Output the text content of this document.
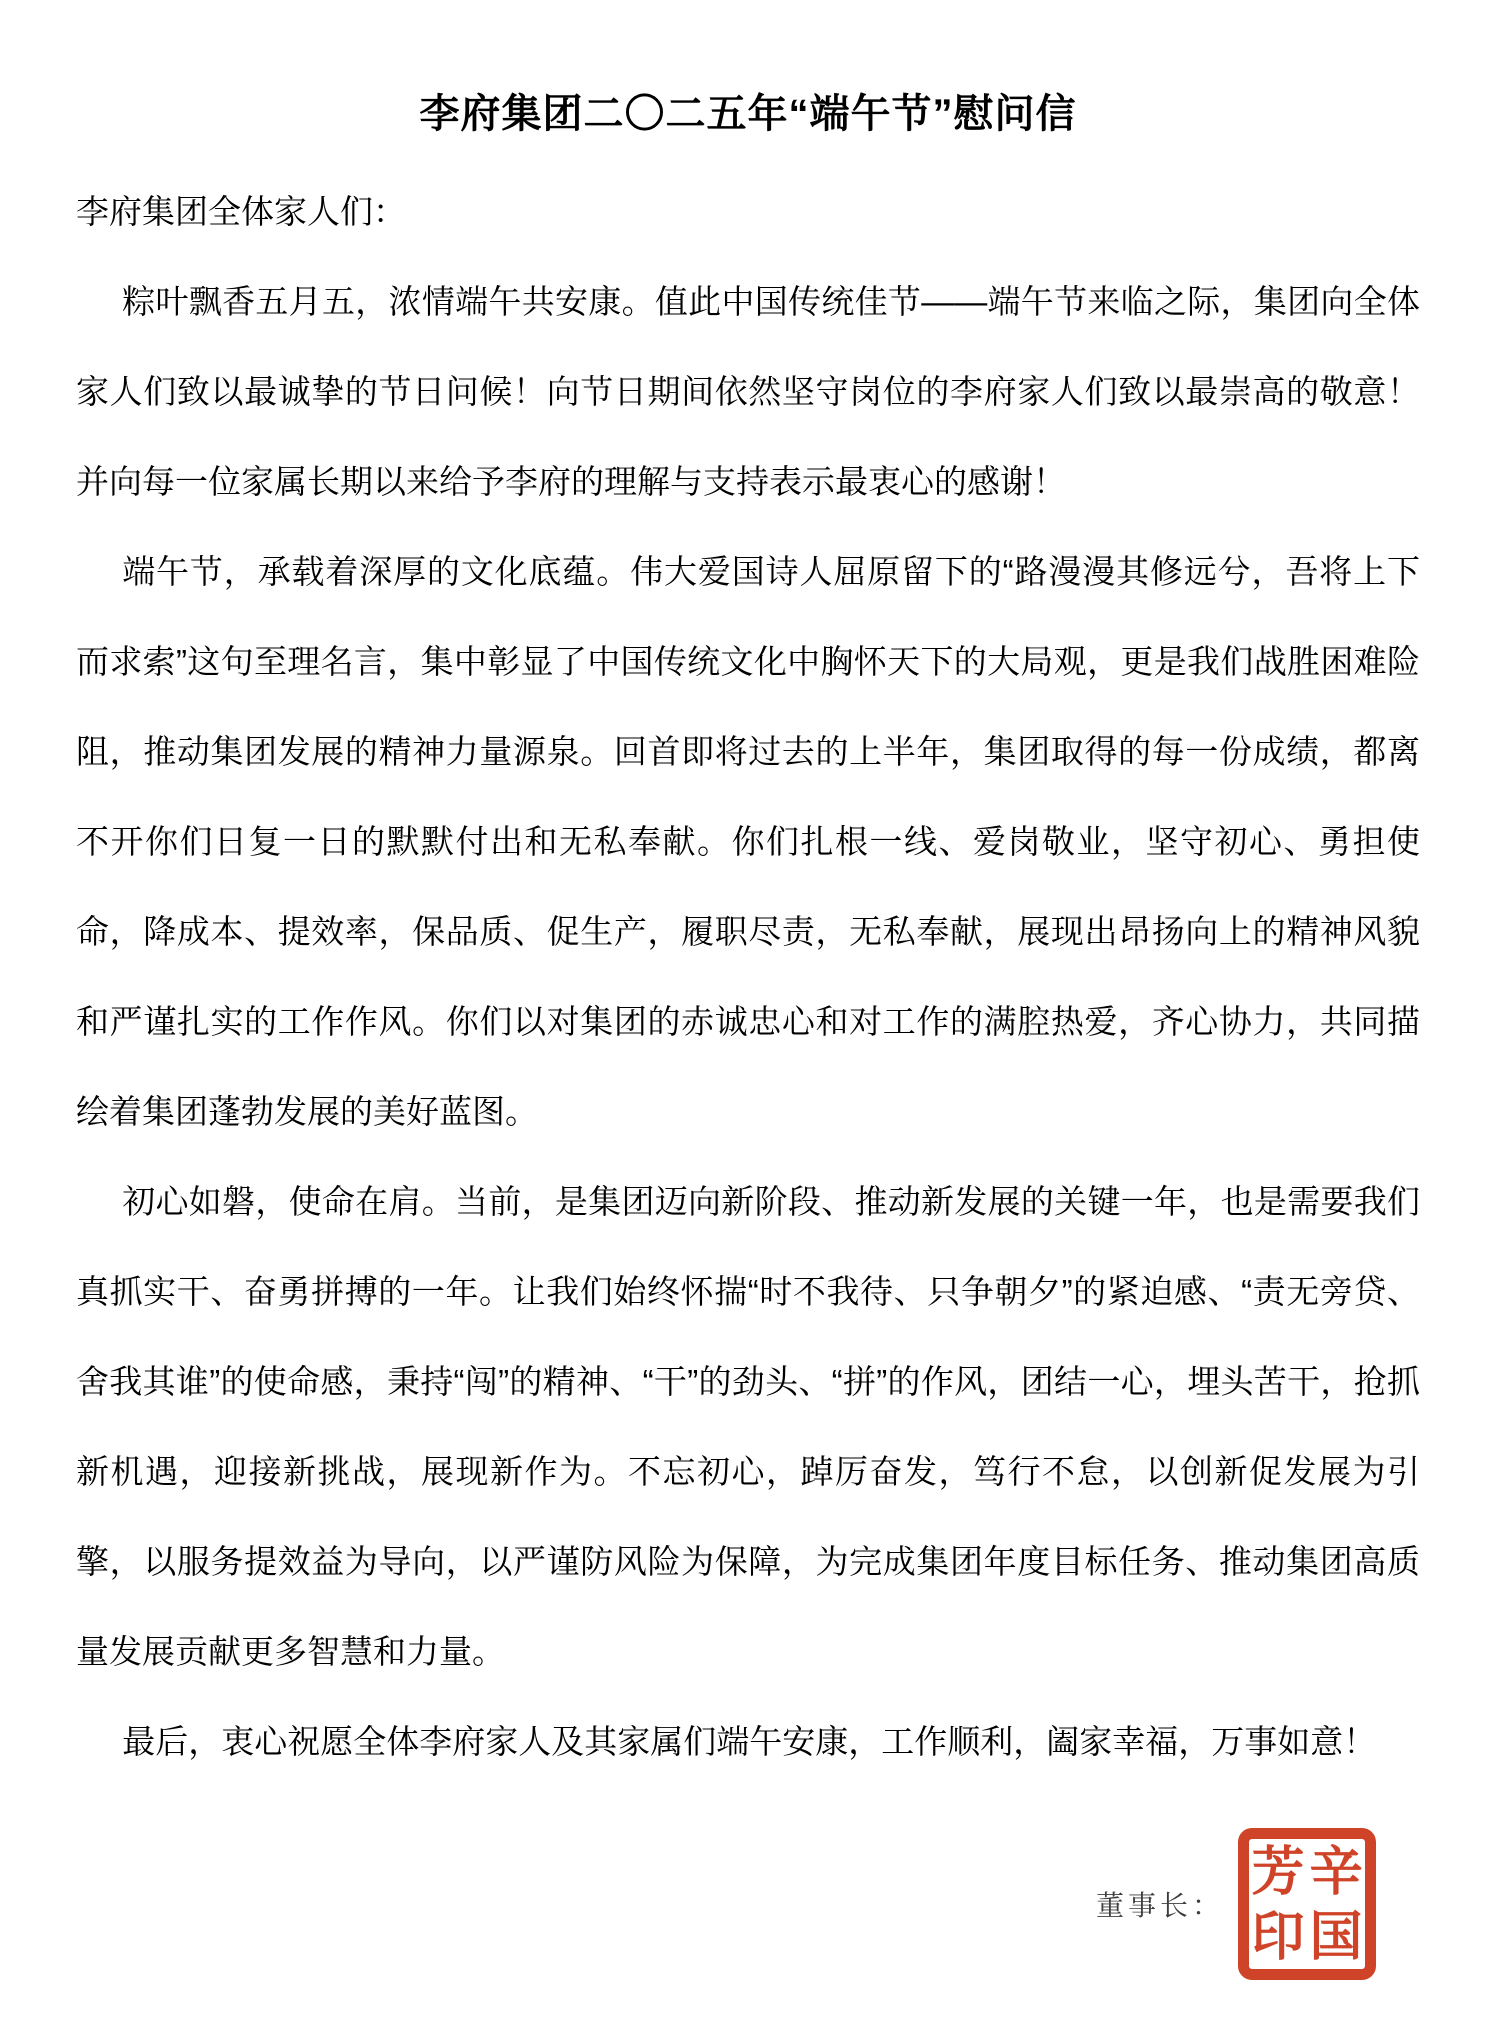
李府集团二〇二五年“端午节”慰问信

李府集团全体家人们：

粽叶飘香五月五，浓情端午共安康。值此中国传统佳节——端午节来临之际，集团向全体家人们致以最诚挚的节日问候！向节日期间依然坚守岗位的李府家人们致以最崇高的敬意！并向每一位家属长期以来给予李府的理解与支持表示最衷心的感谢！

端午节，承载着深厚的文化底蕴。伟大爱国诗人屈原留下的“路漫漫其修远兮，吾将上下而求索”这句至理名言，集中彰显了中国传统文化中胸怀天下的大局观，更是我们战胜困难险阻，推动集团发展的精神力量源泉。回首即将过去的上半年，集团取得的每一份成绩，都离不开你们日复一日的默默付出和无私奉献。你们扎根一线、爱岗敬业，坚守初心、勇担使命，降成本、提效率，保品质、促生产，履职尽责，无私奉献，展现出昂扬向上的精神风貌和严谨扎实的工作作风。你们以对集团的赤诚忠心和对工作的满腔热爱，齐心协力，共同描绘着集团蓬勃发展的美好蓝图。

初心如磐，使命在肩。当前，是集团迈向新阶段、推动新发展的关键一年，也是需要我们真抓实干、奋勇拼搏的一年。让我们始终怀揣“时不我待、只争朝夕”的紧迫感、“责无旁贷、舍我其谁”的使命感，秉持“闯”的精神、“干”的劲头、“拼”的作风，团结一心，埋头苦干，抢抓新机遇，迎接新挑战，展现新作为。不忘初心，踔厉奋发，笃行不怠，以创新促发展为引擎，以服务提效益为导向，以严谨防风险为保障，为完成集团年度目标任务、推动集团高质量发展贡献更多智慧和力量。

最后，衷心祝愿全体李府家人及其家属们端午安康，工作顺利，阖家幸福，万事如意！

董事长：
芳 辛
印 国
